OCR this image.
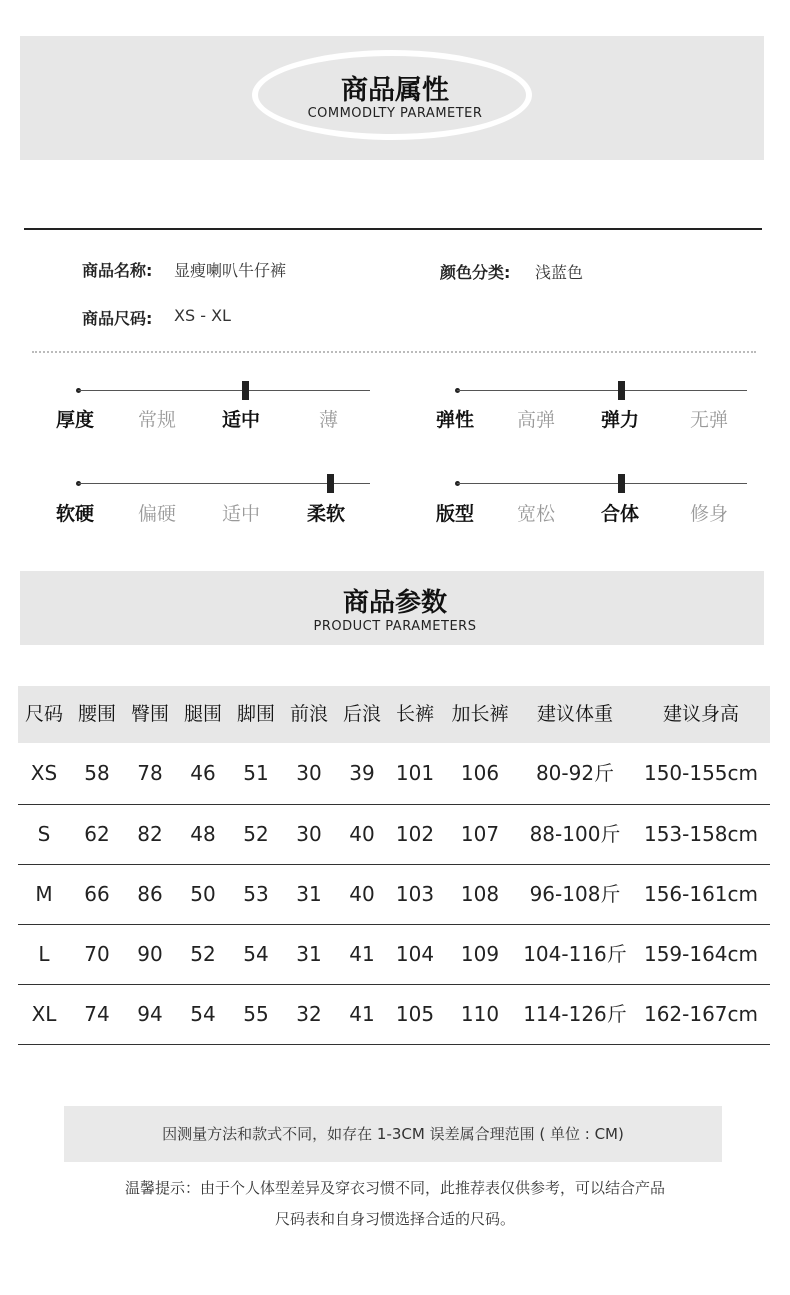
商品属性
COMMODLTY PARAMETER
商品名称: 显瘦喇叭牛仔裤	颜色分类: 浅蓝色
商品尺码: XS - XL
厚度 常规 适中	薄	弹性 高弹 弹力	无弹
软硬 偏硬 适中 柔软	版型 宽松 合体	修身
商品参数
PRODUCT PARAMETERS
尺码 腰围 臀围 腿围 脚围 前浪 后浪 长裤 加长裤	建议体重	建议身高
XS	58	78	46	51	30	39	101	106	80-92斤	150-155cm
S	62	82	48	52	30	40	102	107	88-100斤	153-158cm
M	66	86	50	53	31	40	103	108	96-108斤	156-161cm
L	70	90	52	54	31	41	104	109	104-116斤 159-164cm
XL	74	94	54	55	32	41	105	110	114-126斤 162-167cm
因测量方法和款式不同，如存在 1-3CM 误差属合理范围 ( 单位 : CM)
温馨提示：由于个人体型差异及穿衣习惯不同，此推荐表仅供参考，可以结合产品
尺码表和自身习惯选择合适的尺码。
